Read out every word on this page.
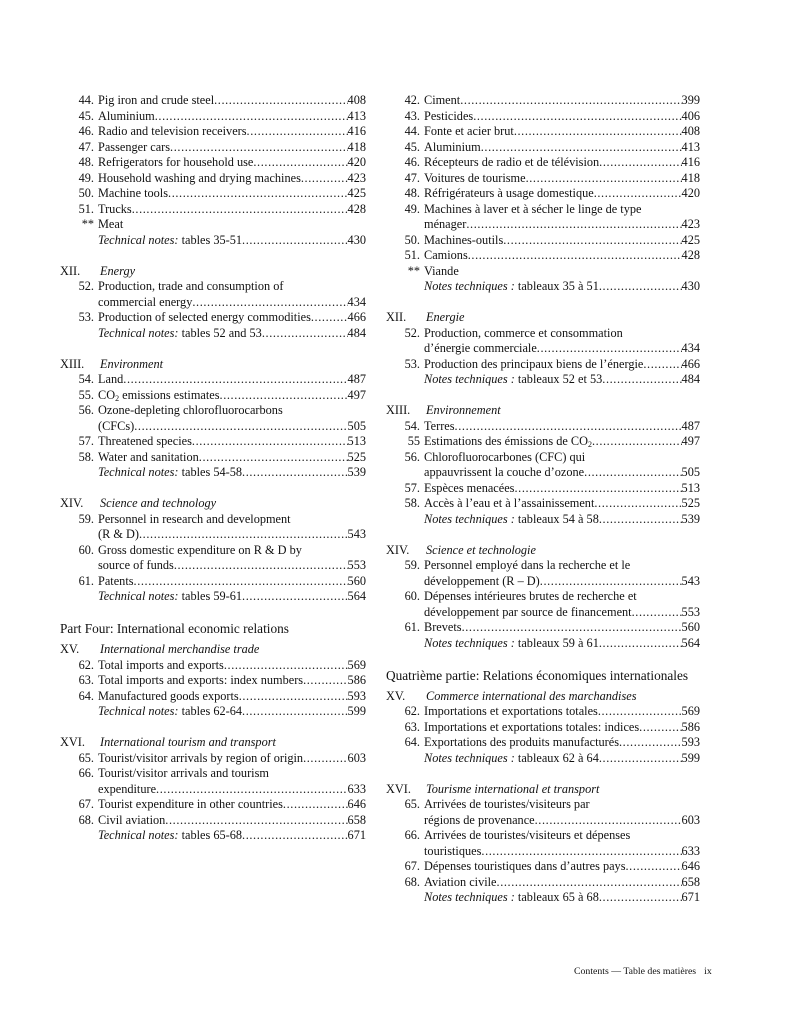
44. Pig iron and crude steel .....	408
45. Aluminium .....	413
46. Radio and television receivers .....	416
47. Passenger cars .....	418
48. Refrigerators for household use .....	420
49. Household washing and drying machines .....	423
50. Machine tools .....	425
51. Trucks .....	428
** Meat
Technical notes: tables 35-51 .....	430
XII.	Energy
52. Production, trade and consumption of
commercial energy .....	434
53. Production of selected energy commodities .....	466
Technical notes: tables 52 and 53 .....	484
XIII.	Environment
54. Land .....	487
55. $CO_2$ emissions estimates .....	497
56. Ozone-depleting chlorofluorocarbons
(CFCs) .....	505
57. Threatened species .....	513
58. Water and sanitation .....	525
Technical notes: tables 54-58 .....	539
XIV.	Science and technology
59. Personnel in research and development
(R & D) .....	543
60. Gross domestic expenditure on R & D by
source of funds .....	553
61. Patents .....	560
Technical notes: tables 59-61 .....	564
Part Four: International economic relations
XV.	International merchandise trade
62. Total imports and exports .....	569
63. Total imports and exports: index numbers .....	586
64. Manufactured goods exports .....	593
Technical notes: tables 62-64 .....	599
XVI.	International tourism and transport
65. Tourist/visitor arrivals by region of origin .....	603
66. Tourist/visitor arrivals and tourism
expenditure .....	633
67. Tourist expenditure in other countries .....	646
68. Civil aviation .....	658
Technical notes: tables 65-68 .....	671
42. Ciment .....	399
43. Pesticides .....	406
44. Fonte et acier brut .....	408
45. Aluminium .....	413
46. Récepteurs de radio et de télévision .....	416
47. Voitures de tourisme .....	418
48. Réfrigérateurs à usage domestique .....	420
49. Machines à laver et à sécher le linge de type
ménager .....	423
50. Machines-outils .....	425
51. Camions .....	428
** Viande
Notes techniques : tableaux 35 à 51 .....	430
XII.	Energie
52. Production, commerce et consommation
d’énergie commerciale .....	434
53. Production des principaux biens de l’énergie .....	466
Notes techniques : tableaux 52 et 53 .....	484
XIII.	Environnement
54. Terres .....	487
55 Estimations des émissions de $CO_2$ .....	497
56. Chlorofluorocarbones (CFC) qui
appauvrissent la couche d’ozone .....	505
57. Espèces menacées .....	513
58. Accès à l’eau et à l’assainissement .....	525
Notes techniques : tableaux 54 à 58 .....	539
XIV.	Science et technologie
59. Personnel employé dans la recherche et le
développement (R – D) .....	543
60. Dépenses intérieures brutes de recherche et
développement par source de financement .....	553
61. Brevets .....	560
Notes techniques : tableaux 59 à 61 .....	564
Quatrième partie: Relations économiques internationales
XV.	Commerce international des marchandises
62. Importations et exportations totales .....	569
63. Importations et exportations totales: indices .....	586
64. Exportations des produits manufacturés .....	593
Notes techniques : tableaux 62 à 64 .....	599
XVI.	Tourisme international et transport
65. Arrivées de touristes/visiteurs par
régions de provenance .....	603
66. Arrivées de touristes/visiteurs et dépenses
touristiques .....	633
67. Dépenses touristiques dans d’autres pays .....	646
68. Aviation civile .....	658
Notes techniques : tableaux 65 à 68 .....	671
Contents — Table des matières ix
